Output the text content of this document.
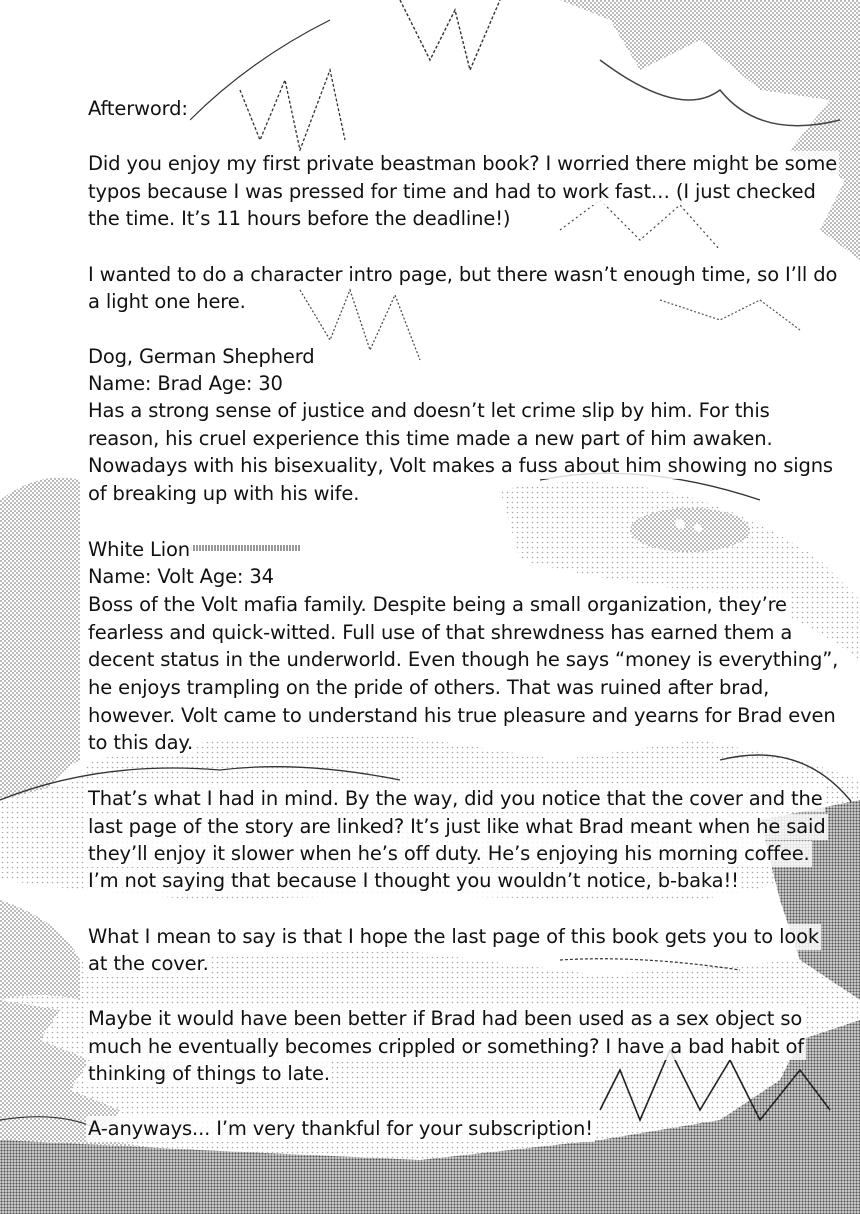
Afterword:
Did you enjoy my first private beastman book? I worried there might be some
typos because I was pressed for time and had to work fast.‥ (I just checked
the time. It’s 11 hours before the deadline!)
I wanted to do a character intro page, but there wasn’t enough time, so I’ll do
a light one here.
Dog, German Shepherd
Name: Brad Age: 30
Has a strong sense of justice and doesn’t let crime slip by him. For this
reason, his cruel experience this time made a new part of him awaken.
Nowadays with his bisexuality, Volt makes a fuss about him showing no signs
of breaking up with his wife.
White Lion
Name: Volt Age: 34
Boss of the Volt mafia family. Despite being a small organization, they’re
fearless and quick-witted. Full use of that shrewdness has earned them a
decent status in the underworld. Even though he says “money is everything”,
he enjoys trampling on the pride of others. That was ruined after brad,
however. Volt came to understand his true pleasure and yearns for Brad even
to this day.
That’s what I had in mind. By the way, did you notice that the cover and the
last page of the story are linked? It’s just like what Brad meant when he said
they’ll enjoy it slower when he’s off duty. He’s enjoying his morning coffee.
I’m not saying that because I thought you wouldn’t notice, b-baka!!
What I mean to say is that I hope the last page of this book gets you to look
at the cover.
Maybe it would have been better if Brad had been used as a sex object so
much he eventually becomes crippled or something? I have a bad habit of
thinking of things to late.
A-anyways... I’m very thankful for your subscription!
